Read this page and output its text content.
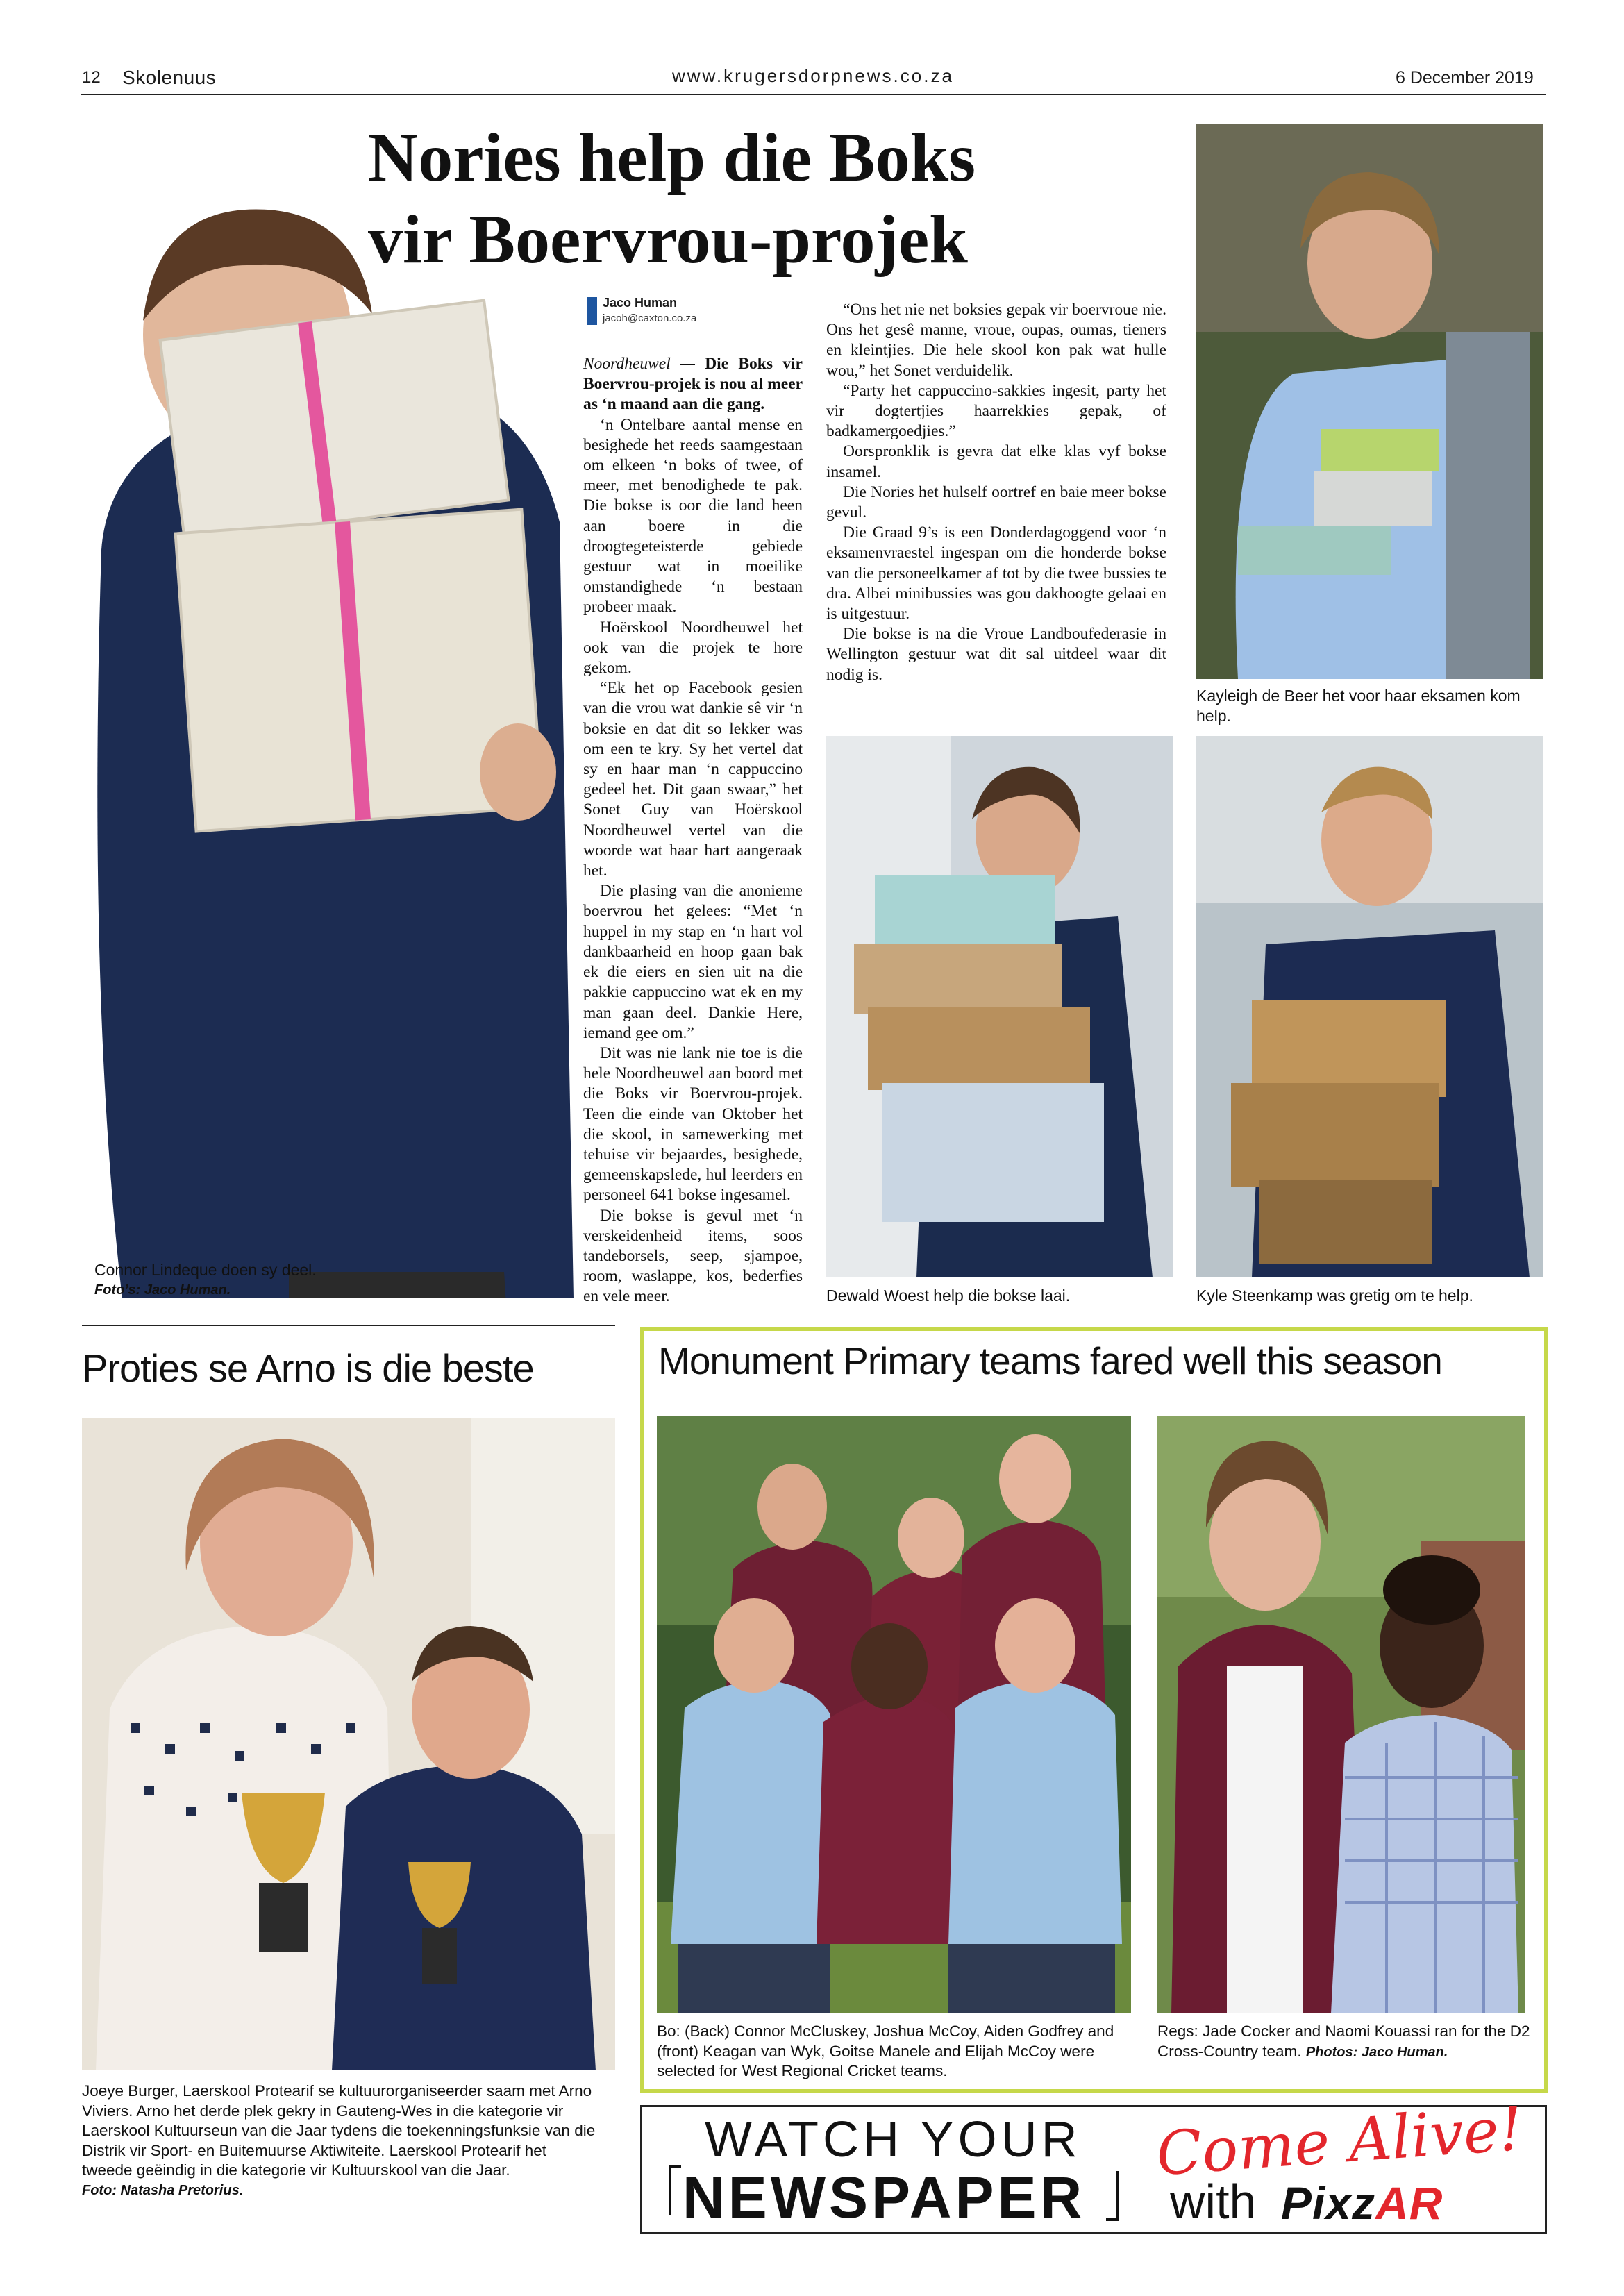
12 Skolenuus	www.krugersdorpnews.co.za	6 December 2019
Connor Lindeque doen sy deel.
Foto’s: Jaco Human.
Nories help die Boks
vir Boervrou-projek
Jaco Human
jacoh@caxton.co.za

Noordheuwel — Die Boks vir Boervrou-projek is nou al meer as ‘n maand aan die gang.

‘n Ontelbare aantal mense en besighede het reeds saamgestaan om elkeen ‘n boks of twee, of meer, met benodighede te pak. Die bokse is oor die land heen aan boere in die droogtegeteisterde gebiede gestuur wat in moeilike omstandighede ‘n bestaan probeer maak.

Hoërskool Noordheuwel het ook van die projek te hore gekom.

“Ek het op Facebook gesien van die vrou wat dankie sê vir ‘n boksie en dat dit so lekker was om een te kry. Sy het vertel dat sy en haar man ‘n cappuccino gedeel het. Dit gaan swaar,” het Sonet Guy van Hoërskool Noordheuwel vertel van die woorde wat haar hart aangeraak het.

Die plasing van die anonieme boervrou het gelees: “Met ‘n huppel in my stap en ‘n hart vol dankbaarheid en hoop gaan bak ek die eiers en sien uit na die pakkie cappuccino wat ek en my man gaan deel. Dankie Here, iemand gee om.”

Dit was nie lank nie toe is die hele Noordheuwel aan boord met die Boks vir Boervrou-projek. Teen die einde van Oktober het die skool, in samewerking met tehuise vir bejaardes, besighede, gemeenskapslede, hul leerders en personeel 641 bokse ingesamel.

Die bokse is gevul met ‘n verskeidenheid items, soos tandeborsels, seep, sjampoe, room, waslappe, kos, bederfies en vele meer.

“Ons het nie net boksies gepak vir boervroue nie. Ons het gesê manne, vroue, oupas, oumas, tieners en kleintjies. Die hele skool kon pak wat hulle wou,” het Sonet verduidelik.

“Party het cappuccino-sakkies ingesit, party het vir dogtertjies haarrekkies gepak, of badkamergoedjies.”

Oorspronklik is gevra dat elke klas vyf bokse insamel.

Die Nories het hulself oortref en baie meer bokse gevul.

Die Graad 9’s is een Donderdagoggend voor ‘n eksamenvraestel ingespan om die honderde bokse van die personeelkamer af tot by die twee bussies te dra. Albei minibussies was gou dakhoogte gelaai en is uitgestuur.

Die bokse is na die Vroue Landboufederasie in Wellington gestuur wat dit sal uitdeel waar dit nodig is.

Kayleigh de Beer het voor haar eksamen kom help.
Dewald Woest help die bokse laai.	Kyle Steenkamp was gretig om te help.
Proties se Arno is die beste
Joeye Burger, Laerskool Protearif se kultuurorganiseerder saam met Arno Viviers. Arno het derde plek gekry in Gauteng-Wes in die kategorie vir Laerskool Kultuurseun van die Jaar tydens die toekenningsfunksie van die Distrik vir Sport- en Buitemuurse Aktiwiteite. Laerskool Protearif het tweede geëindig in die kategorie vir Kultuurskool van die Jaar.
Foto: Natasha Pretorius.
Monument Primary teams fared well this season
Bo: (Back) Connor McCluskey, Joshua McCoy, Aiden Godfrey and (front) Keagan van Wyk, Goitse Manele and Elijah McCoy were selected for West Regional Cricket teams.
Regs: Jade Cocker and Naomi Kouassi ran for the D2 Cross-Country team. Photos: Jaco Human.
WATCH YOUR
NEWSPAPER
Come Alive!
with PixzAR
